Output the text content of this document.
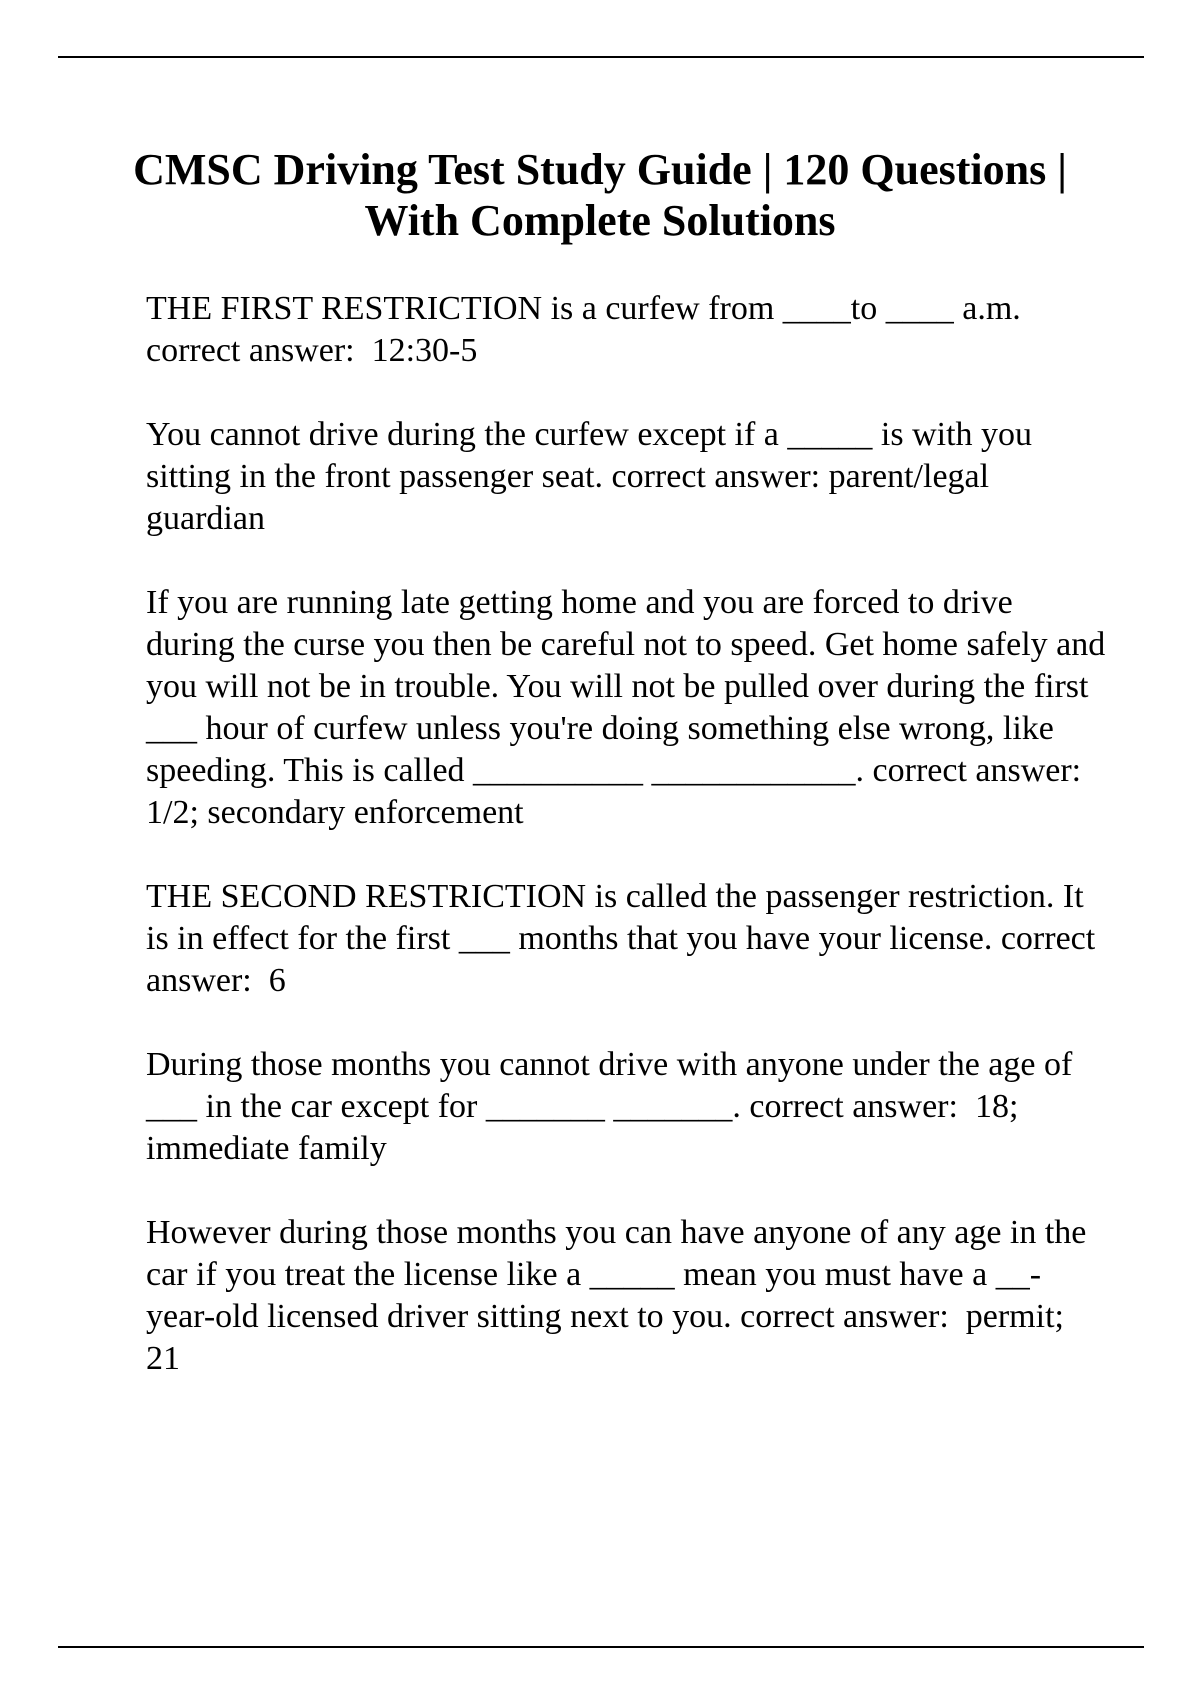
CMSC Driving Test Study Guide | 120 Questions | With Complete Solutions

THE FIRST RESTRICTION is a curfew from ____to ____ a.m. correct answer:  12:30-5

You cannot drive during the curfew except if a _____ is with you sitting in the front passenger seat. correct answer: parent/legal guardian

If you are running late getting home and you are forced to drive during the curse you then be careful not to speed. Get home safely and you will not be in trouble. You will not be pulled over during the first ___ hour of curfew unless you're doing something else wrong, like speeding. This is called __________ ____________. correct answer:  1/2; secondary enforcement

THE SECOND RESTRICTION is called the passenger restriction. It is in effect for the first ___ months that you have your license. correct answer:  6

During those months you cannot drive with anyone under the age of ___ in the car except for _______ _______. correct answer:  18; immediate family

However during those months you can have anyone of any age in the car if you treat the license like a _____ mean you must have a __-year-old licensed driver sitting next to you. correct answer:  permit; 21
